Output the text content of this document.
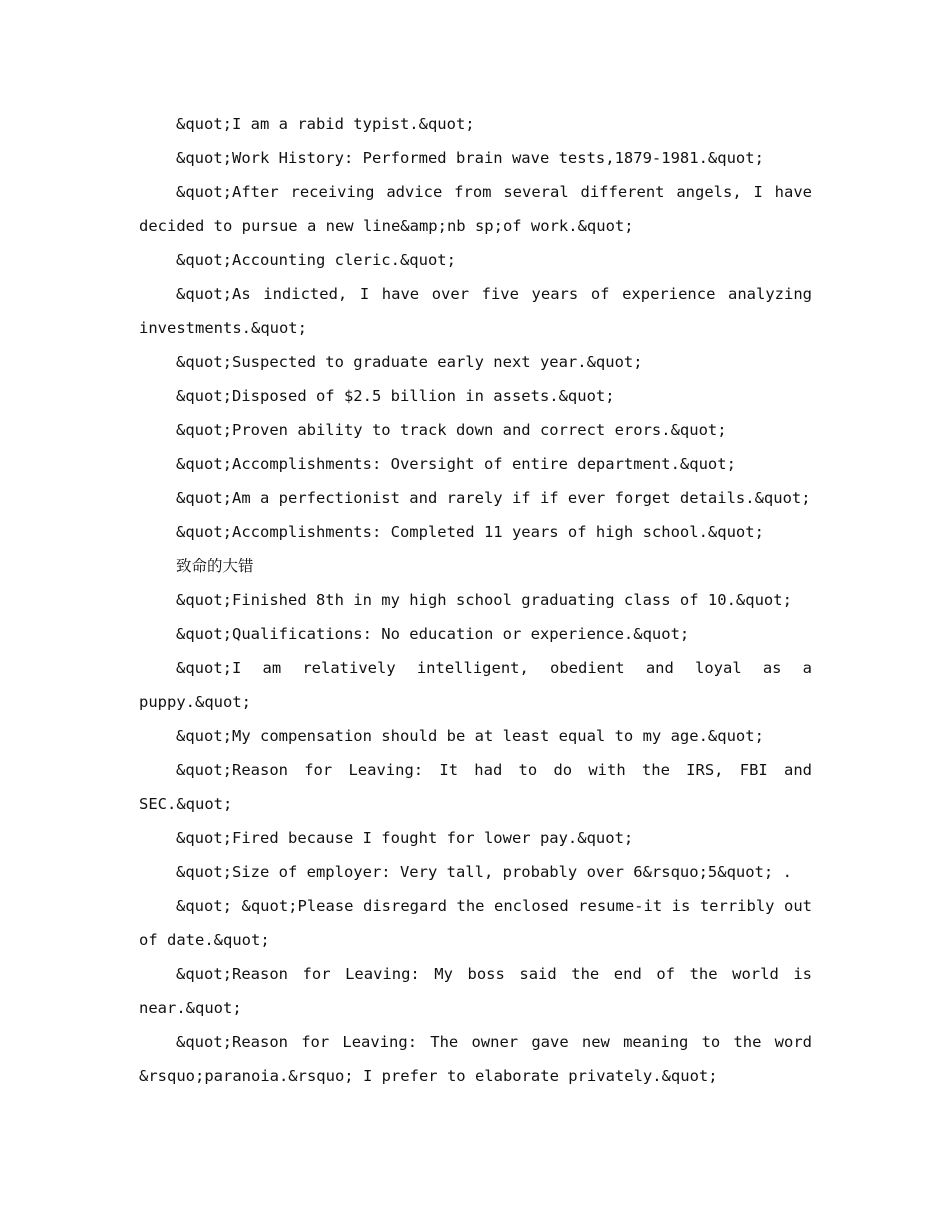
&quot;I am a rabid typist.&quot;

&quot;Work History: Performed brain wave tests,1879-1981.&quot;

&quot;After receiving advice from several different angels, I have decided to pursue a new line&amp;nb sp;of work.&quot;

&quot;Accounting cleric.&quot;

&quot;As indicted, I have over five years of experience analyzing investments.&quot;

&quot;Suspected to graduate early next year.&quot;

&quot;Disposed of $2.5 billion in assets.&quot;

&quot;Proven ability to track down and correct erors.&quot;

&quot;Accomplishments: Oversight of entire department.&quot;

&quot;Am a perfectionist and rarely if if ever forget details.&quot;

&quot;Accomplishments: Completed 11 years of high school.&quot;

致命的大错

&quot;Finished 8th in my high school graduating class of 10.&quot;

&quot;Qualifications: No education or experience.&quot;

&quot;I am relatively intelligent, obedient and loyal as a puppy.&quot;

&quot;My compensation should be at least equal to my age.&quot;

&quot;Reason for Leaving: It had to do with the IRS, FBI and SEC.&quot;

&quot;Fired because I fought for lower pay.&quot;

&quot;Size of employer: Very tall, probably over 6&rsquo;5&quot; .

&quot; &quot;Please disregard the enclosed resume-it is terribly out of date.&quot;

&quot;Reason for Leaving: My boss said the end of the world is near.&quot;

&quot;Reason for Leaving: The owner gave new meaning to the word &rsquo;paranoia.&rsquo; I prefer to elaborate privately.&quot;
